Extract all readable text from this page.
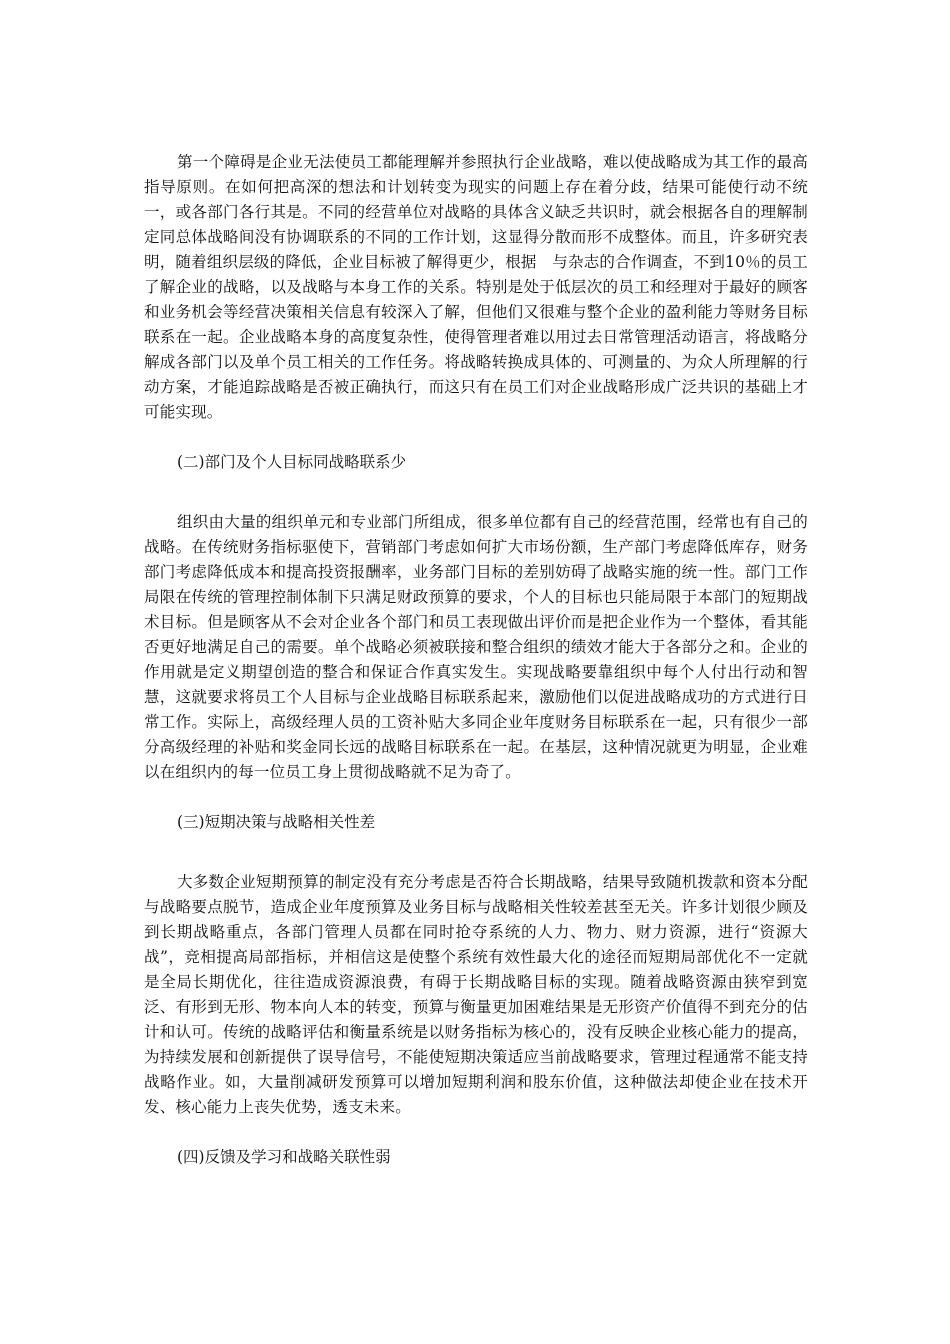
第一个障碍是企业无法使员工都能理解并参照执行企业战略，难以使战略成为其工作的最高指导原则。在如何把高深的想法和计划转变为现实的问题上存在着分歧，结果可能使行动不统一，或各部门各行其是。不同的经营单位对战略的具体含义缺乏共识时，就会根据各自的理解制定同总体战略间没有协调联系的不同的工作计划，这显得分散而形不成整体。而且，许多研究表明，随着组织层级的降低，企业目标被了解得更少，根据　与杂志的合作调查，不到10％的员工了解企业的战略，以及战略与本身工作的关系。特别是处于低层次的员工和经理对于最好的顾客和业务机会等经营决策相关信息有较深入了解，但他们又很难与整个企业的盈利能力等财务目标联系在一起。企业战略本身的高度复杂性，使得管理者难以用过去日常管理活动语言，将战略分解成各部门以及单个员工相关的工作任务。将战略转换成具体的、可测量的、为众人所理解的行动方案，才能追踪战略是否被正确执行，而这只有在员工们对企业战略形成广泛共识的基础上才可能实现。

(二)部门及个人目标同战略联系少

组织由大量的组织单元和专业部门所组成，很多单位都有自己的经营范围，经常也有自己的战略。在传统财务指标驱使下，营销部门考虑如何扩大市场份额，生产部门考虑降低库存，财务部门考虑降低成本和提高投资报酬率，业务部门目标的差别妨碍了战略实施的统一性。部门工作局限在传统的管理控制体制下只满足财政预算的要求，个人的目标也只能局限于本部门的短期战术目标。但是顾客从不会对企业各个部门和员工表现做出评价而是把企业作为一个整体，看其能否更好地满足自己的需要。单个战略必须被联接和整合组织的绩效才能大于各部分之和。企业的作用就是定义期望创造的整合和保证合作真实发生。实现战略要靠组织中每个人付出行动和智慧，这就要求将员工个人目标与企业战略目标联系起来，激励他们以促进战略成功的方式进行日常工作。实际上，高级经理人员的工资补贴大多同企业年度财务目标联系在一起，只有很少一部分高级经理的补贴和奖金同长远的战略目标联系在一起。在基层，这种情况就更为明显，企业难以在组织内的每一位员工身上贯彻战略就不足为奇了。

(三)短期决策与战略相关性差

大多数企业短期预算的制定没有充分考虑是否符合长期战略，结果导致随机拨款和资本分配与战略要点脱节，造成企业年度预算及业务目标与战略相关性较差甚至无关。许多计划很少顾及到长期战略重点，各部门管理人员都在同时抢夺系统的人力、物力、财力资源，进行“资源大战”，竞相提高局部指标，并相信这是使整个系统有效性最大化的途径而短期局部优化不一定就是全局长期优化，往往造成资源浪费，有碍于长期战略目标的实现。随着战略资源由狭窄到宽泛、有形到无形、物本向人本的转变，预算与衡量更加困难结果是无形资产价值得不到充分的估计和认可。传统的战略评估和衡量系统是以财务指标为核心的，没有反映企业核心能力的提高，为持续发展和创新提供了误导信号，不能使短期决策适应当前战略要求，管理过程通常不能支持战略作业。如，大量削减研发预算可以增加短期利润和股东价值，这种做法却使企业在技术开发、核心能力上丧失优势，透支未来。

(四)反馈及学习和战略关联性弱
